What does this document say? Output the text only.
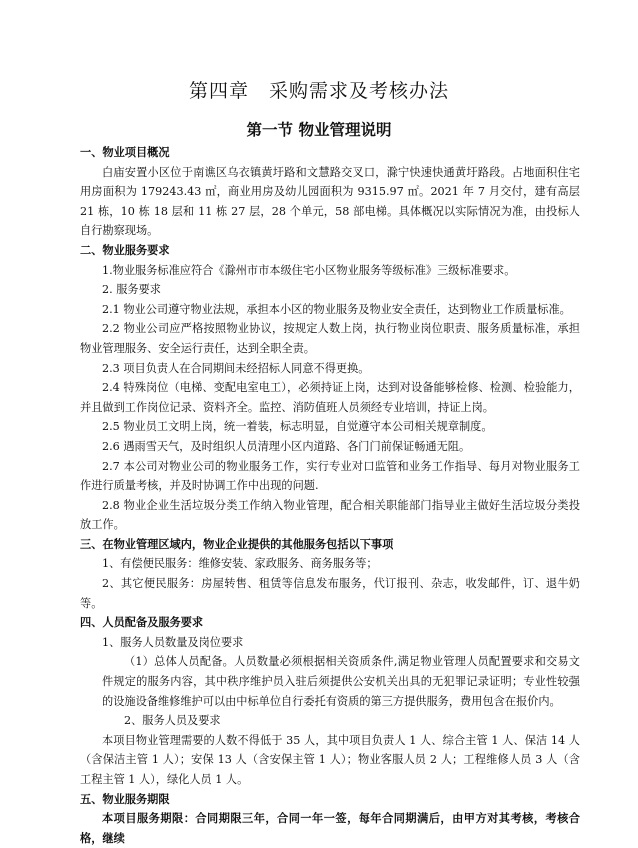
第四章　采购需求及考核办法
第一节 物业管理说明
一、物业项目概况
白庙安置小区位于南谯区乌衣镇黄圩路和文慧路交叉口，滁宁快速快通黄圩路段。占地面积住宅用房面积为 179243.43 ㎡，商业用房及幼儿园面积为 9315.97 ㎡。2021 年 7 月交付，建有高层 21 栋，10 栋 18 层和 11 栋 27 层，28 个单元，58 部电梯。具体概况以实际情况为准，由投标人自行勘察现场。
二、物业服务要求
1.物业服务标准应符合《滁州市市本级住宅小区物业服务等级标准》三级标准要求。
2. 服务要求
2.1 物业公司遵守物业法规，承担本小区的物业服务及物业安全责任，达到物业工作质量标准。
2.2 物业公司应严格按照物业协议，按规定人数上岗，执行物业岗位职责、服务质量标准，承担物业管理服务、安全运行责任，达到全职全责。
2.3 项目负责人在合同期间未经招标人同意不得更换。
2.4 特殊岗位（电梯、变配电室电工），必须持证上岗，达到对设备能够检修、检测、检验能力，并且做到工作岗位记录、资料齐全。监控、消防值班人员须经专业培训，持证上岗。
2.5 物业员工文明上岗，统一着装，标志明显，自觉遵守本公司相关规章制度。
2.6 遇雨雪天气，及时组织人员清理小区内道路、各门门前保证畅通无阻。
2.7 本公司对物业公司的物业服务工作，实行专业对口监管和业务工作指导、每月对物业服务工作进行质量考核，并及时协调工作中出现的问题.
2.8 物业企业生活垃圾分类工作纳入物业管理，配合相关职能部门指导业主做好生活垃圾分类投放工作。
三、在物业管理区域内，物业企业提供的其他服务包括以下事项
1、有偿便民服务：维修安装、家政服务、商务服务等；
2、其它便民服务：房屋转售、租赁等信息发布服务，代订报刊、杂志，收发邮件，订、退牛奶等。
四、人员配备及服务要求
1、服务人员数量及岗位要求
（1）总体人员配备。人员数量必须根据相关资质条件,满足物业管理人员配置要求和交易文件规定的服务内容，其中秩序维护员入驻后须提供公安机关出具的无犯罪记录证明；专业性较强的设施设备维修维护可以由中标单位自行委托有资质的第三方提供服务，费用包含在报价内。
2、服务人员及要求
本项目物业管理需要的人数不得低于 35 人，其中项目负责人 1 人、综合主管 1 人、保洁 14 人（含保洁主管 1 人）；安保 13 人（含安保主管 1 人）；物业客服人员 2 人；工程维修人员 3 人（含工程主管 1 人），绿化人员 1 人。
五、物业服务期限
本项目服务期限：合同期限三年，合同一年一签，每年合同期满后，由甲方对其考核，考核合格，继续
